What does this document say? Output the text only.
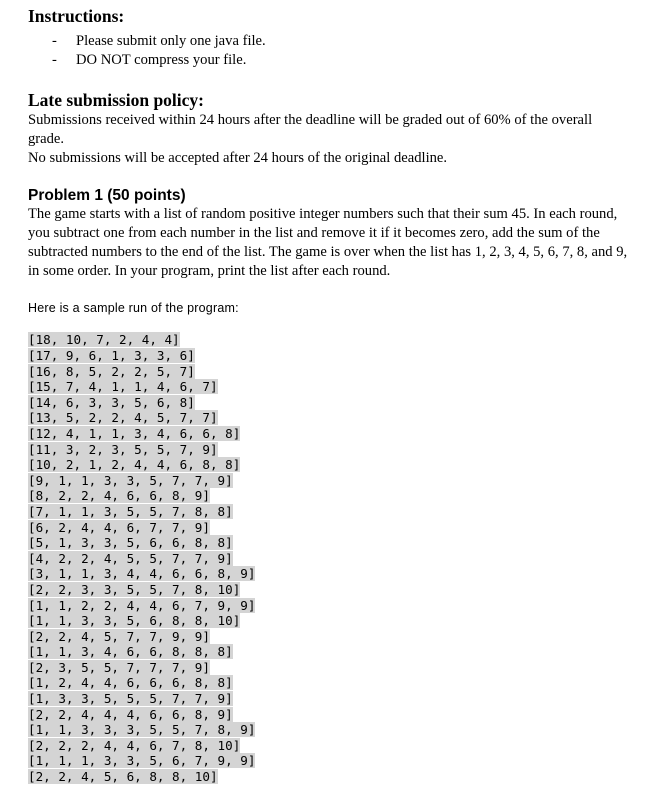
Instructions:
- Please submit only one java file.
- DO NOT compress your file.
Late submission policy:

Submissions received within 24 hours after the deadline will be graded out of 60% of the overall grade.

No submissions will be accepted after 24 hours of the original deadline.

Problem 1 (50 points)

The game starts with a list of random positive integer numbers such that their sum 45. In each round, you subtract one from each number in the list and remove it if it becomes zero, add the sum of the subtracted numbers to the end of the list. The game is over when the list has 1, 2, 3, 4, 5, 6, 7, 8, and 9, in some order. In your program, print the list after each round.

Here is a sample run of the program:

[18, 10, 7, 2, 4, 4]
[17, 9, 6, 1, 3, 3, 6]
[16, 8, 5, 2, 2, 5, 7]
[15, 7, 4, 1, 1, 4, 6, 7]
[14, 6, 3, 3, 5, 6, 8]
[13, 5, 2, 2, 4, 5, 7, 7]
[12, 4, 1, 1, 3, 4, 6, 6, 8]
[11, 3, 2, 3, 5, 5, 7, 9]
[10, 2, 1, 2, 4, 4, 6, 8, 8]
[9, 1, 1, 3, 3, 5, 7, 7, 9]
[8, 2, 2, 4, 6, 6, 8, 9]
[7, 1, 1, 3, 5, 5, 7, 8, 8]
[6, 2, 4, 4, 6, 7, 7, 9]
[5, 1, 3, 3, 5, 6, 6, 8, 8]
[4, 2, 2, 4, 5, 5, 7, 7, 9]
[3, 1, 1, 3, 4, 4, 6, 6, 8, 9]
[2, 2, 3, 3, 5, 5, 7, 8, 10]
[1, 1, 2, 2, 4, 4, 6, 7, 9, 9]
[1, 1, 3, 3, 5, 6, 8, 8, 10]
[2, 2, 4, 5, 7, 7, 9, 9]
[1, 1, 3, 4, 6, 6, 8, 8, 8]
[2, 3, 5, 5, 7, 7, 7, 9]
[1, 2, 4, 4, 6, 6, 6, 8, 8]
[1, 3, 3, 5, 5, 5, 7, 7, 9]
[2, 2, 4, 4, 4, 6, 6, 8, 9]
[1, 1, 3, 3, 3, 5, 5, 7, 8, 9]
[2, 2, 2, 4, 4, 6, 7, 8, 10]
[1, 1, 1, 3, 3, 5, 6, 7, 9, 9]
[2, 2, 4, 5, 6, 8, 8, 10]
